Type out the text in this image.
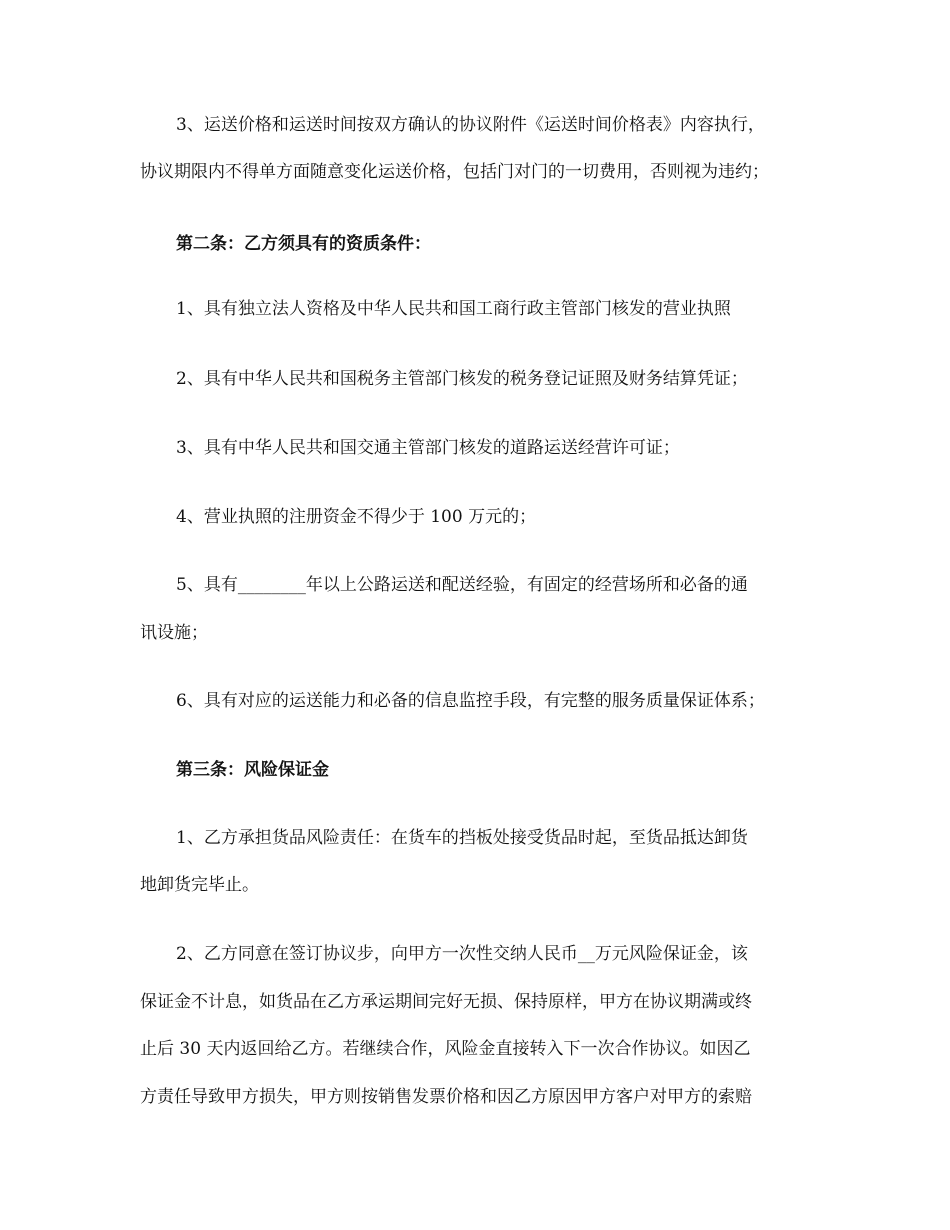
3、运送价格和运送时间按双方确认的协议附件《运送时间价格表》内容执行，
协议期限内不得单方面随意变化运送价格，包括门对门的一切费用，否则视为违约；
第二条：乙方须具有的资质条件：
1、具有独立法人资格及中华人民共和国工商行政主管部门核发的营业执照
2、具有中华人民共和国税务主管部门核发的税务登记证照及财务结算凭证；
3、具有中华人民共和国交通主管部门核发的道路运送经营许可证；
4、营业执照的注册资金不得少于 100 万元的；
5、具有________年以上公路运送和配送经验，有固定的经营场所和必备的通
讯设施；
6、具有对应的运送能力和必备的信息监控手段，有完整的服务质量保证体系；
第三条：风险保证金
1、乙方承担货品风险责任：在货车的挡板处接受货品时起，至货品抵达卸货
地卸货完毕止。
2、乙方同意在签订协议步，向甲方一次性交纳人民币__万元风险保证金，该
保证金不计息，如货品在乙方承运期间完好无损、保持原样，甲方在协议期满或终
止后 30 天内返回给乙方。若继续合作，风险金直接转入下一次合作协议。如因乙
方责任导致甲方损失，甲方则按销售发票价格和因乙方原因甲方客户对甲方的索赔
